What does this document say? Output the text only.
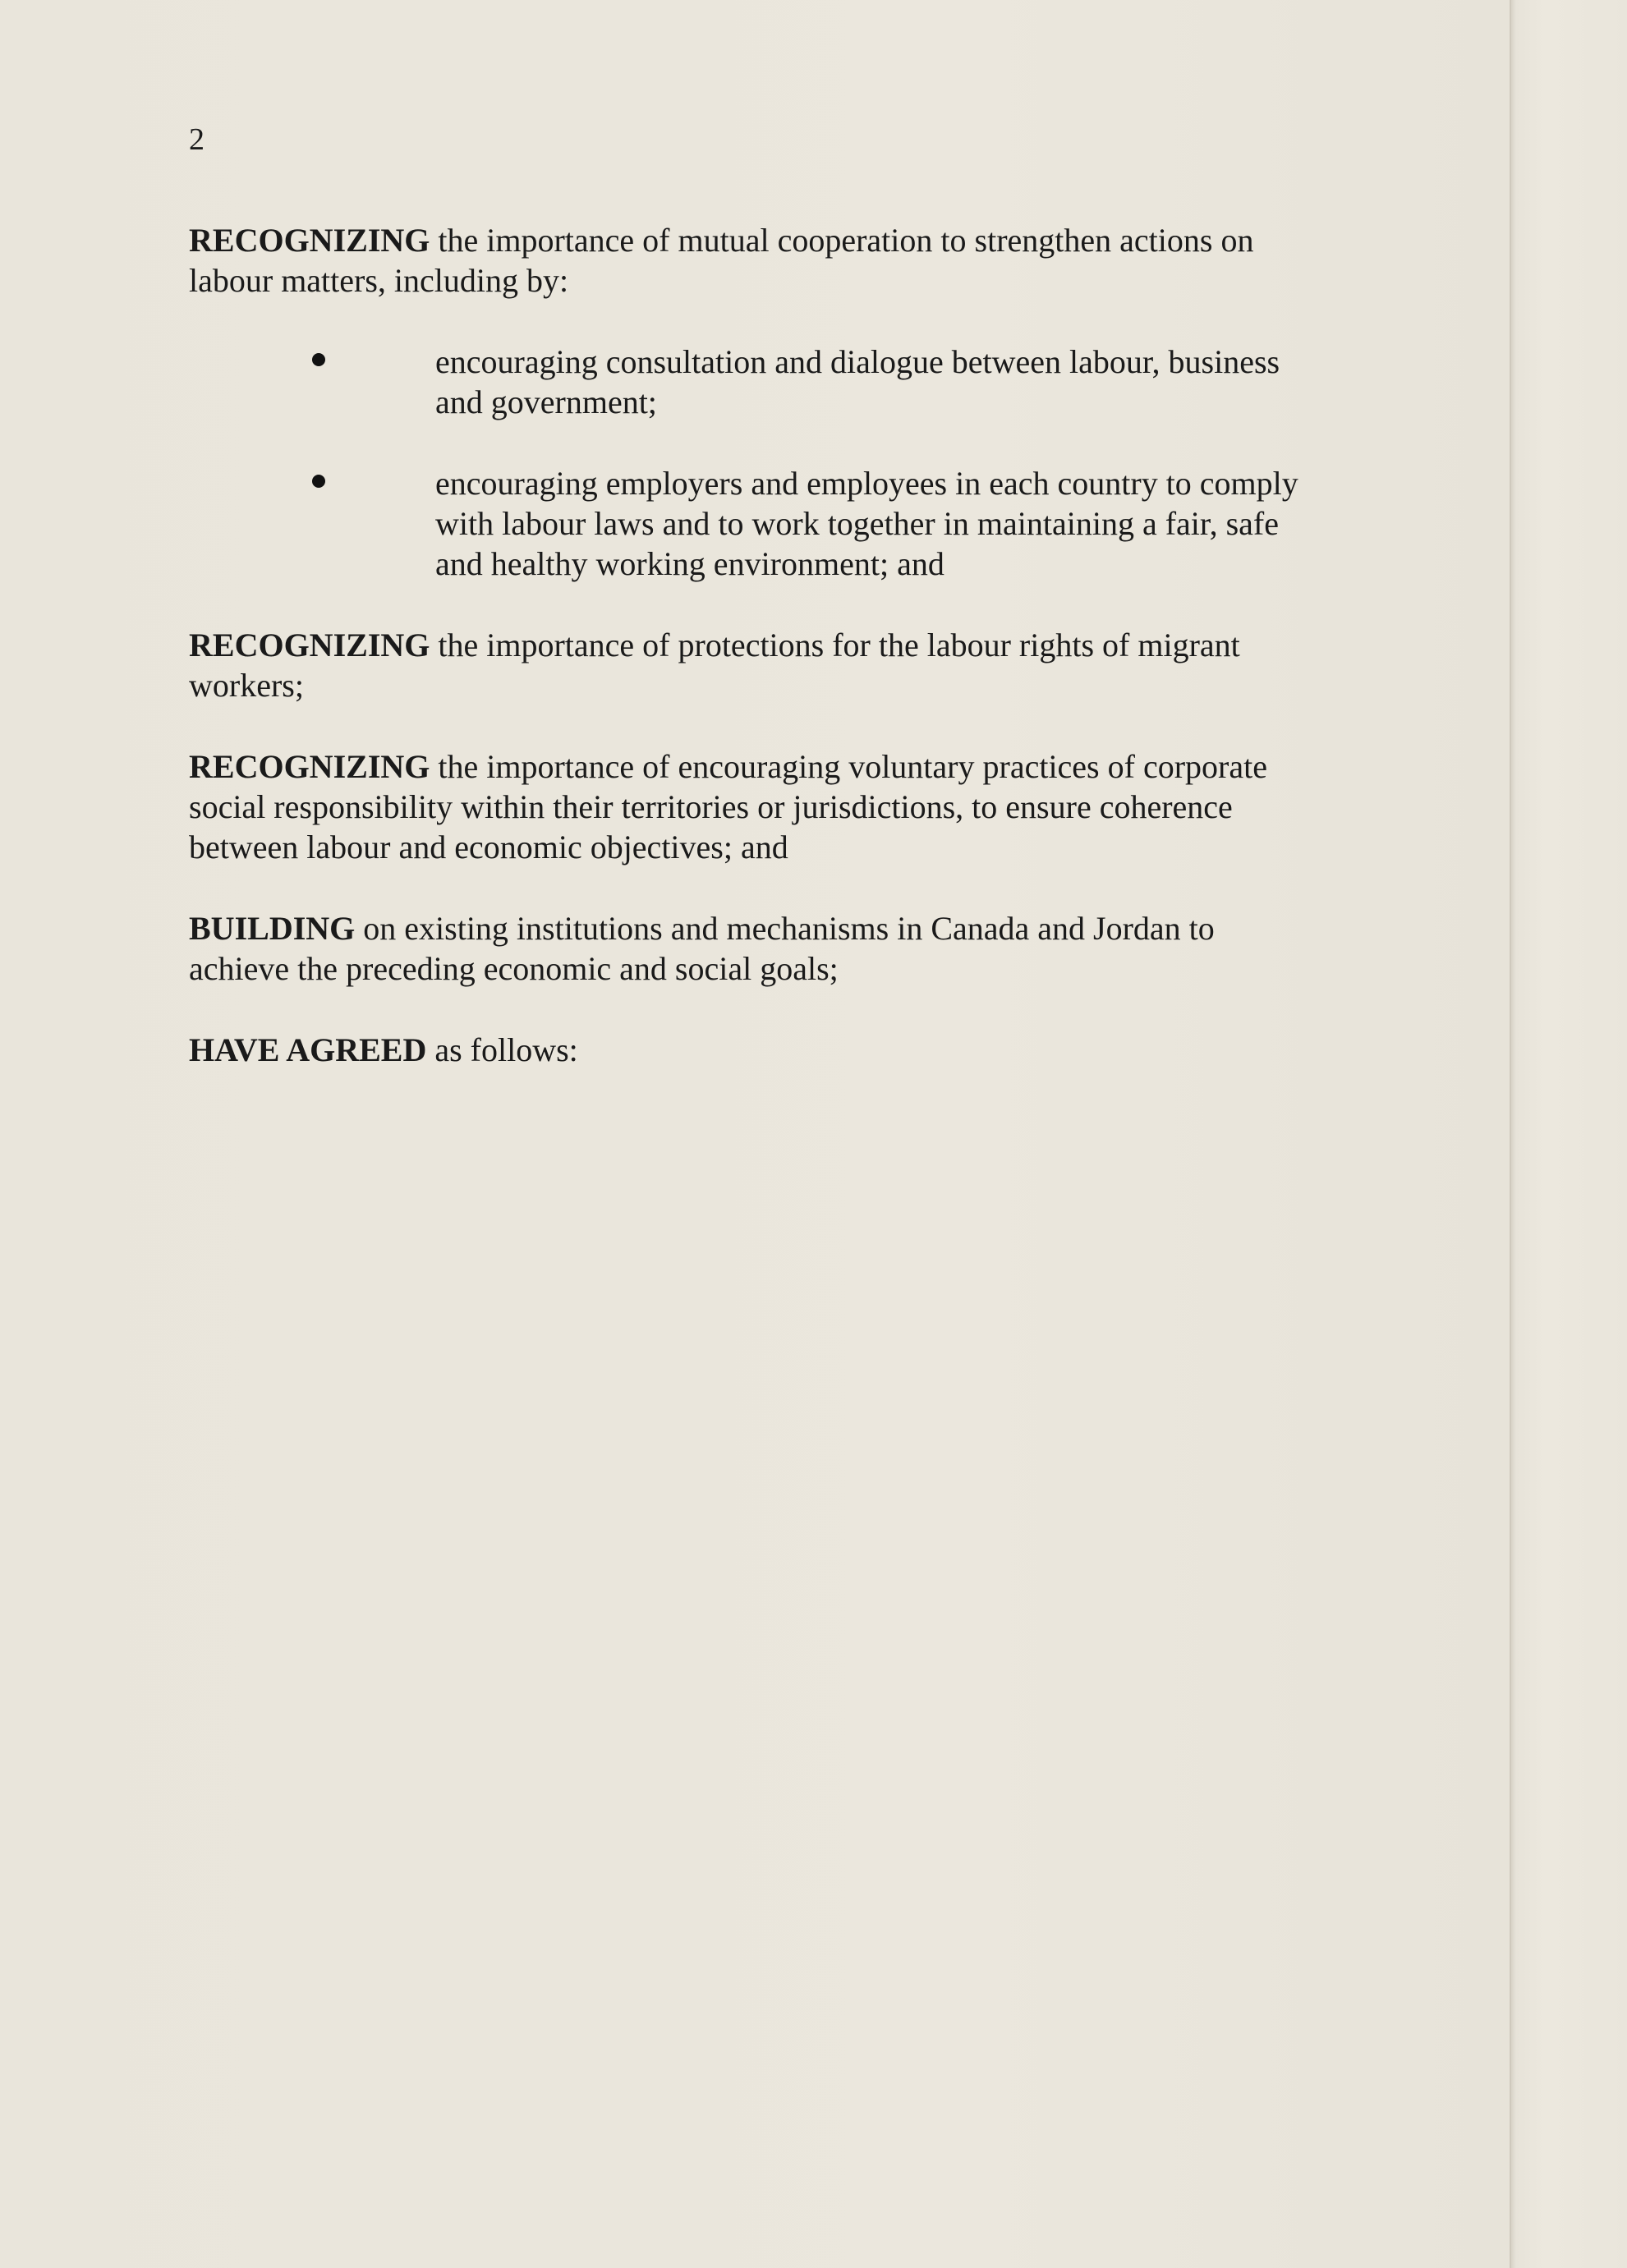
2

RECOGNIZING the importance of mutual cooperation to strengthen actions on labour matters, including by:

encouraging consultation and dialogue between labour, business and government;
encouraging employers and employees in each country to comply with labour laws and to work together in maintaining a fair, safe and healthy working environment; and

RECOGNIZING the importance of protections for the labour rights of migrant workers;

RECOGNIZING the importance of encouraging voluntary practices of corporate social responsibility within their territories or jurisdictions, to ensure coherence between labour and economic objectives; and

BUILDING on existing institutions and mechanisms in Canada and Jordan to achieve the preceding economic and social goals;

HAVE AGREED as follows:
